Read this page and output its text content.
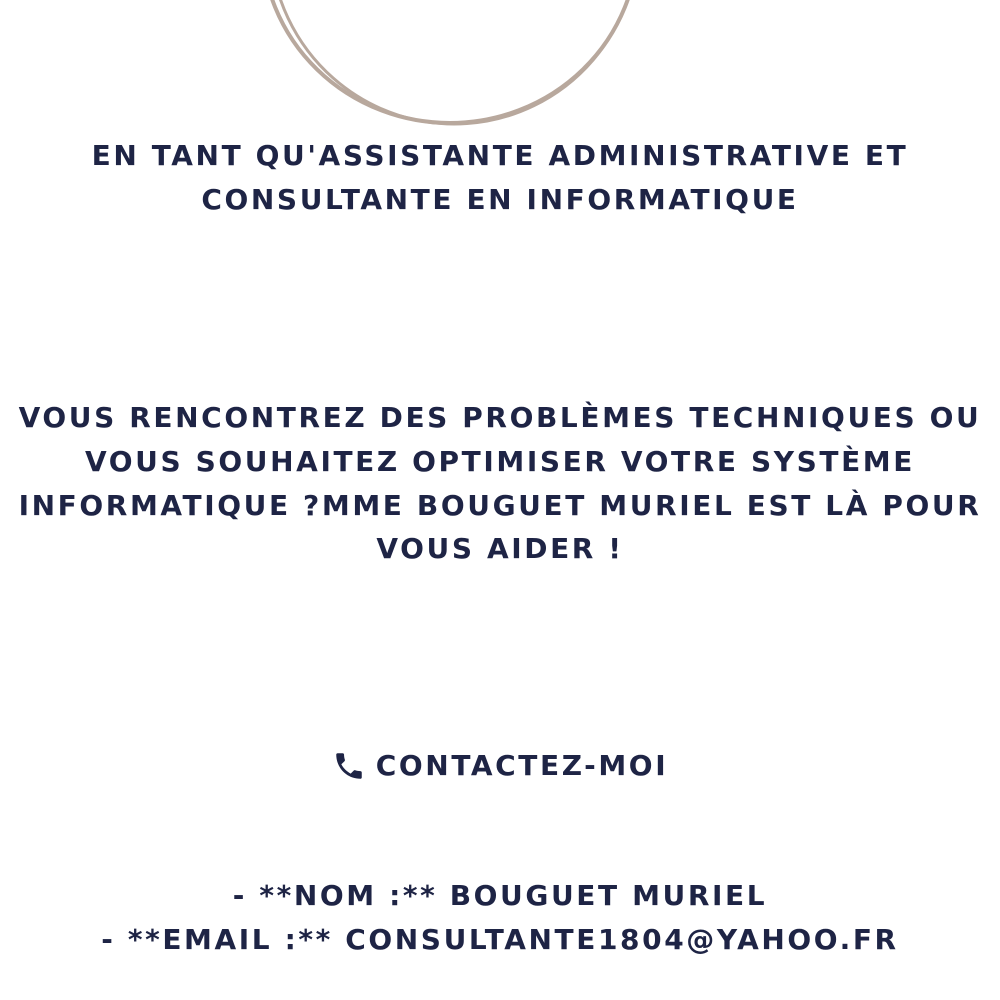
EN TANT QU'ASSISTANTE ADMINISTRATIVE ET
CONSULTANTE EN INFORMATIQUE
VOUS RENCONTREZ DES PROBLÈMES TECHNIQUES OU
VOUS SOUHAITEZ OPTIMISER VOTRE SYSTÈME
INFORMATIQUE ?MME BOUGUET MURIEL EST LÀ POUR
VOUS AIDER !
CONTACTEZ-MOI
- **NOM :** BOUGUET MURIEL
- **EMAIL :** CONSULTANTE1804@YAHOO.FR
